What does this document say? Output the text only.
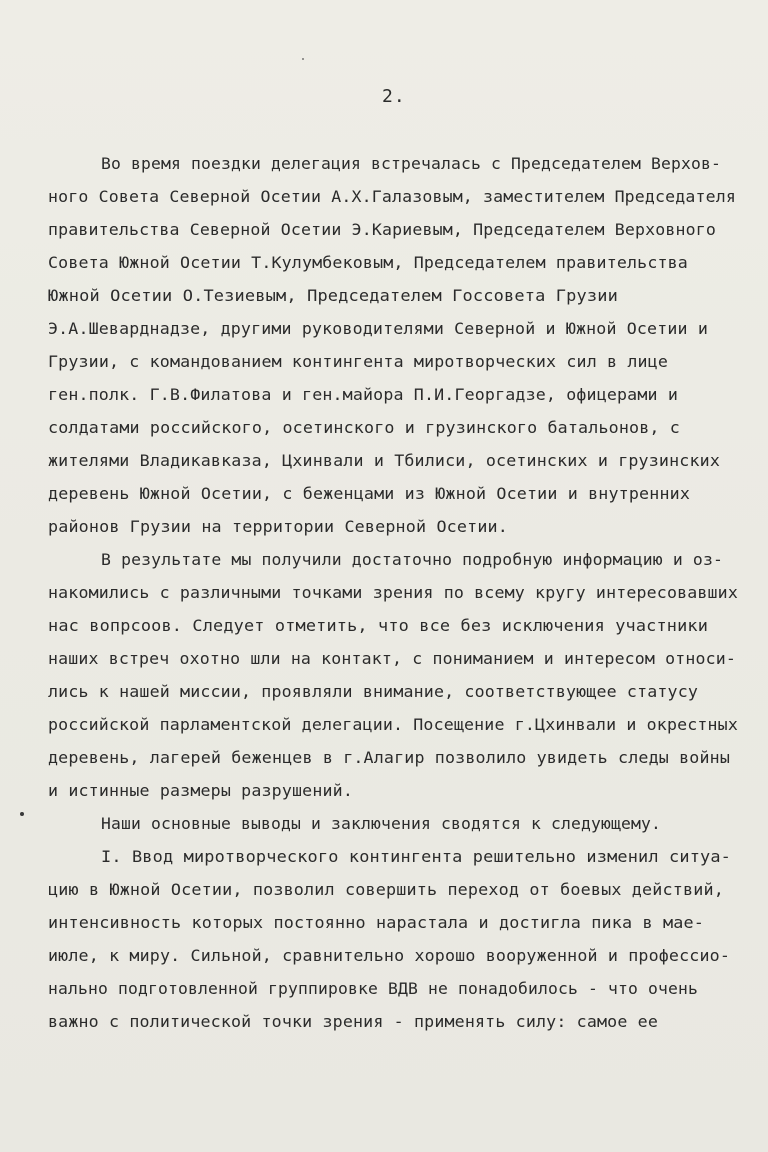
2.
Во время поездки делегация встречалась с Председателем Верхов-
ного Совета Северной Осетии А.Х.Галазовым, заместителем Председателя
правительства Северной Осетии Э.Кариевым, Председателем Верховного
Совета Южной Осетии Т.Кулумбековым, Председателем правительства
Южной Осетии О.Тезиевым, Председателем Госсовета Грузии
Э.А.Шеварднадзе, другими руководителями Северной и Южной Осетии и
Грузии, с командованием контингента миротворческих сил в лице
ген.полк. Г.В.Филатова и ген.майора П.И.Георгадзе, офицерами и
солдатами российского, осетинского и грузинского батальонов, с
жителями Владикавказа, Цхинвали и Тбилиси, осетинских и грузинских
деревень Южной Осетии, с беженцами из Южной Осетии и внутренних
районов Грузии на территории Северной Осетии.
В результате мы получили достаточно подробную информацию и оз-
накомились с различными точками зрения по всему кругу интересовавших
нас вопрсоов. Следует отметить, что все без исключения участники
наших встреч охотно шли на контакт, с пониманием и интересом относи-
лись к нашей миссии, проявляли внимание, соответствующее статусу
российской парламентской делегации. Посещение г.Цхинвали и окрестных
деревень, лагерей беженцев в г.Алагир позволило увидеть следы войны
и истинные размеры разрушений.
Наши основные выводы и заключения сводятся к следующему.
I. Ввод миротворческого контингента решительно изменил ситуа-
цию в Южной Осетии, позволил совершить переход от боевых действий,
интенсивность которых постоянно нарастала и достигла пика в мае-
июле, к миру. Сильной, сравнительно хорошо вооруженной и профессио-
нально подготовленной группировке ВДВ не понадобилось - что очень
важно с политической точки зрения - применять силу: самое ее
